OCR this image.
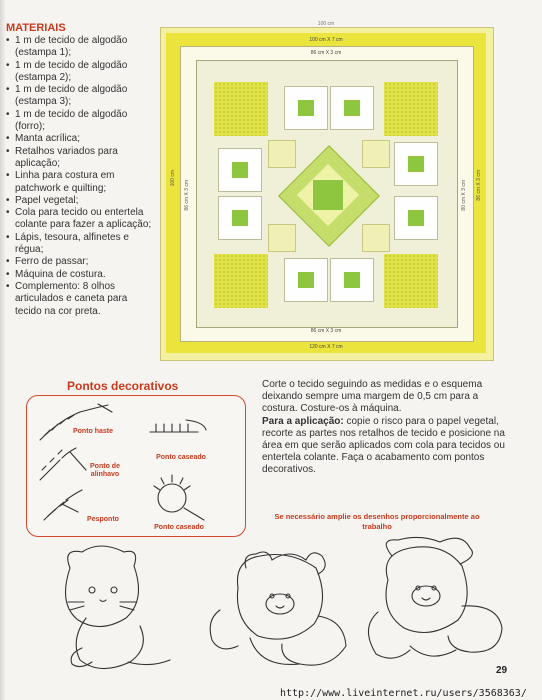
MATERIAIS
• 1 m de tecido de algodão (estampa 1);
• 1 m de tecido de algodão (estampa 2);
• 1 m de tecido de algodão (estampa 3);
• 1 m de tecido de algodão (forro);
• Manta acrílica;
• Retalhos variados para aplicação;
• Linha para costura em patchwork e quilting;
• Papel vegetal;
• Cola para tecido ou entertela colante para fazer a aplicação;
• Lápis, tesoura, alfinetes e régua;
• Ferro de passar;
• Máquina de costura.
• Complemento: 8 olhos articulados e caneta para tecido na cor preta.
100 cm
100 cm X 7 cm
86 cm X 3 cm
86 cm X 3 cm
120 cm X 7 cm
100 cm
86 cm X 3 cm	80 cm X 3 cm 86 cm X 3 cm
Pontos decorativos
Ponto haste
Ponto de alinhavo
Ponto caseado
Pesponto
Ponto caseado
Corte o tecido seguindo as medidas e o esquema deixando sempre uma margem de 0,5 cm para a costura. Costure-os à máquina.
Para a aplicação: copie o risco para o papel vegetal, recorte as partes nos retalhos de tecido e posicione na área em que serão aplicados com cola para tecidos ou entertela colante. Faça o acabamento com pontos decorativos.
Se necessário amplie os desenhos proporcionalmente ao trabalho
29
http://www.liveinternet.ru/users/3568363/
